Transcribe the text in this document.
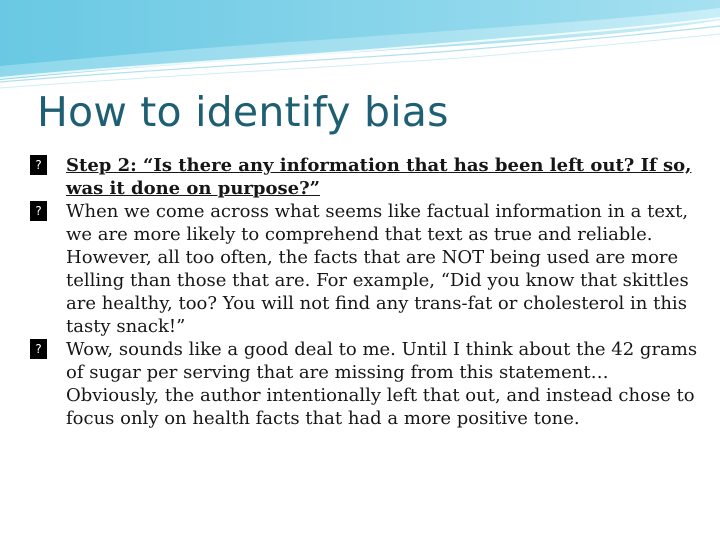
How to identify bias
? Step 2: “Is there any information that has been left out? If so, was it done on purpose?”
? When we come across what seems like factual information in a text, we are more likely to comprehend that text as true and reliable. However, all too often, the facts that are NOT being used are more telling than those that are. For example, “Did you know that skittles are healthy, too? You will not find any trans-fat or cholesterol in this tasty snack!”
? Wow, sounds like a good deal to me. Until I think about the 42 grams of sugar per serving that are missing from this statement… Obviously, the author intentionally left that out, and instead chose to focus only on health facts that had a more positive tone.
